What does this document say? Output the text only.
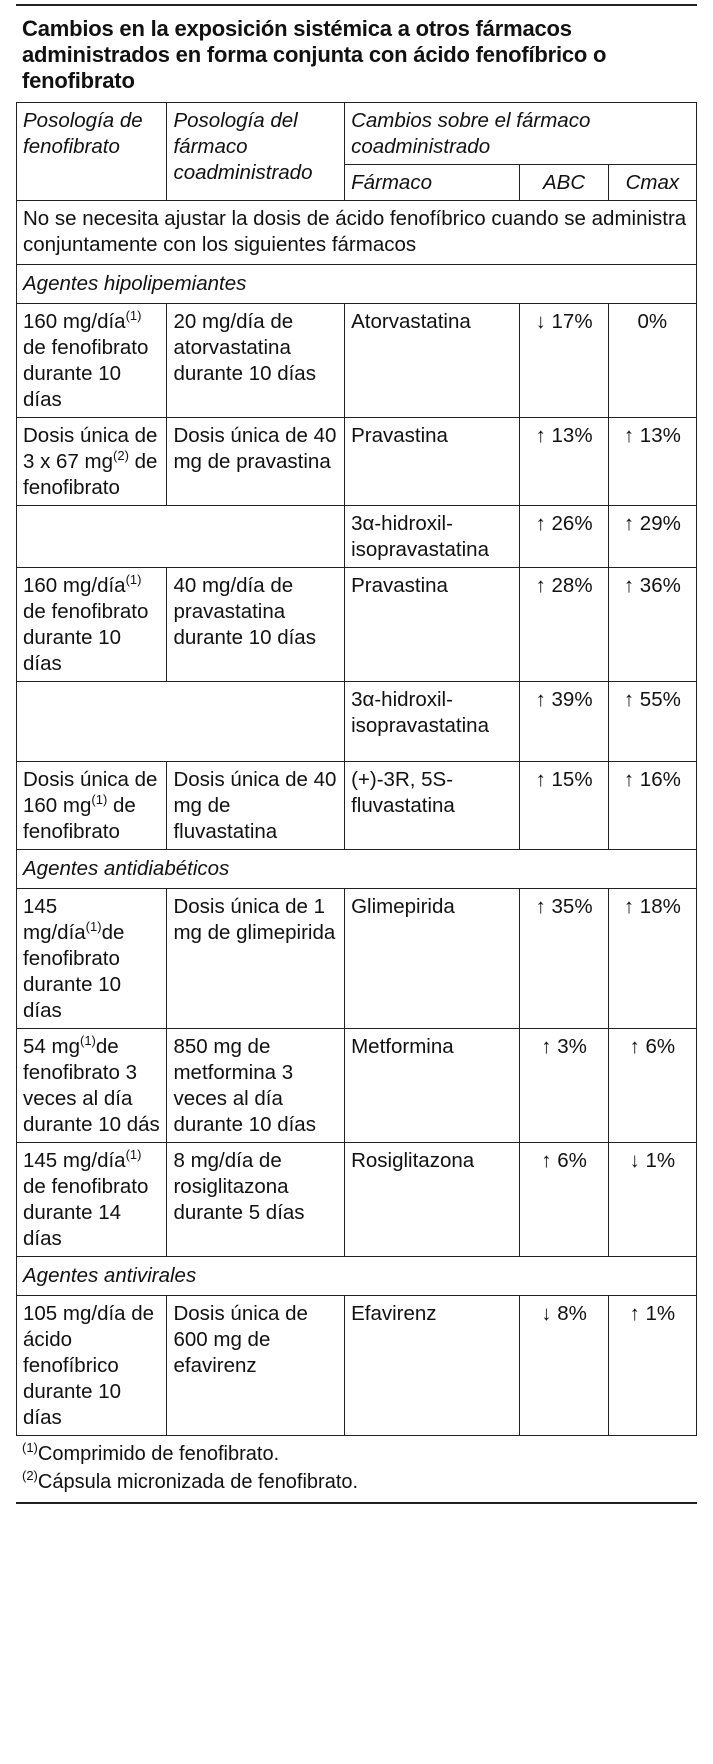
Cambios en la exposición sistémica a otros fármacos administrados en forma conjunta con ácido fenofíbrico o fenofibrato
Posología de fenofibrato	Posología del fármaco coadministrado	Cambios sobre el fármaco coadministrado		
		Fármaco	ABC	Cmax
No se necesita ajustar la dosis de ácido fenofíbrico cuando se administra conjuntamente con los siguientes fármacos				
Agentes hipolipemiantes				
160 mg/día$^{(1)}$ de fenofibrato durante 10 días	20 mg/día de atorvastatina durante 10 días	Atorvastatina	↓ 17%	0%
Dosis única de 3 x 67 $mg^{(2)}$ de fenofibrato	Dosis única de 40 mg de pravastina	Pravastina	↑ 13%	↑ 13%
		3α-hidroxil-isopravastatina	↑ 26%	↑ 29%
160 mg/día$^{(1)}$ de fenofibrato durante 10 días	40 mg/día de pravastatina durante 10 días	Pravastina	↑ 28%	↑ 36%
		3α-hidroxil-isopravastatina	↑ 39%	↑ 55%
Dosis única de 160 $mg^{(1)}$ de fenofibrato	Dosis única de 40 mg de fluvastatina	(+)-3R, 5S-fluvastatina	↑ 15%	↑ 16%
Agentes antidiabéticos				
145 mg/día$^{(1)}$de fenofibrato durante 10 días	Dosis única de 1 mg de glimepirida	Glimepirida	↑ 35%	↑ 18%
54 $mg^{(1)}de$ fenofibrato 3 veces al día durante 10 dás	850 mg de metformina 3 veces al día durante 10 días	Metformina	↑ 3%	↑ 6%
145 mg/día$^{(1)}$ de fenofibrato durante 14 días	8 mg/día de rosiglitazona durante 5 días	Rosiglitazona	↑ 6%	↓ 1%
Agentes antivirales				
105 mg/día de ácido fenofíbrico durante 10 días	Dosis única de 600 mg de efavirenz	Efavirenz	↓ 8%	↑ 1%
$^{(1)}$Comprimido de fenofibrato.
$^{(2)}$Cápsula micronizada de fenofibrato.
